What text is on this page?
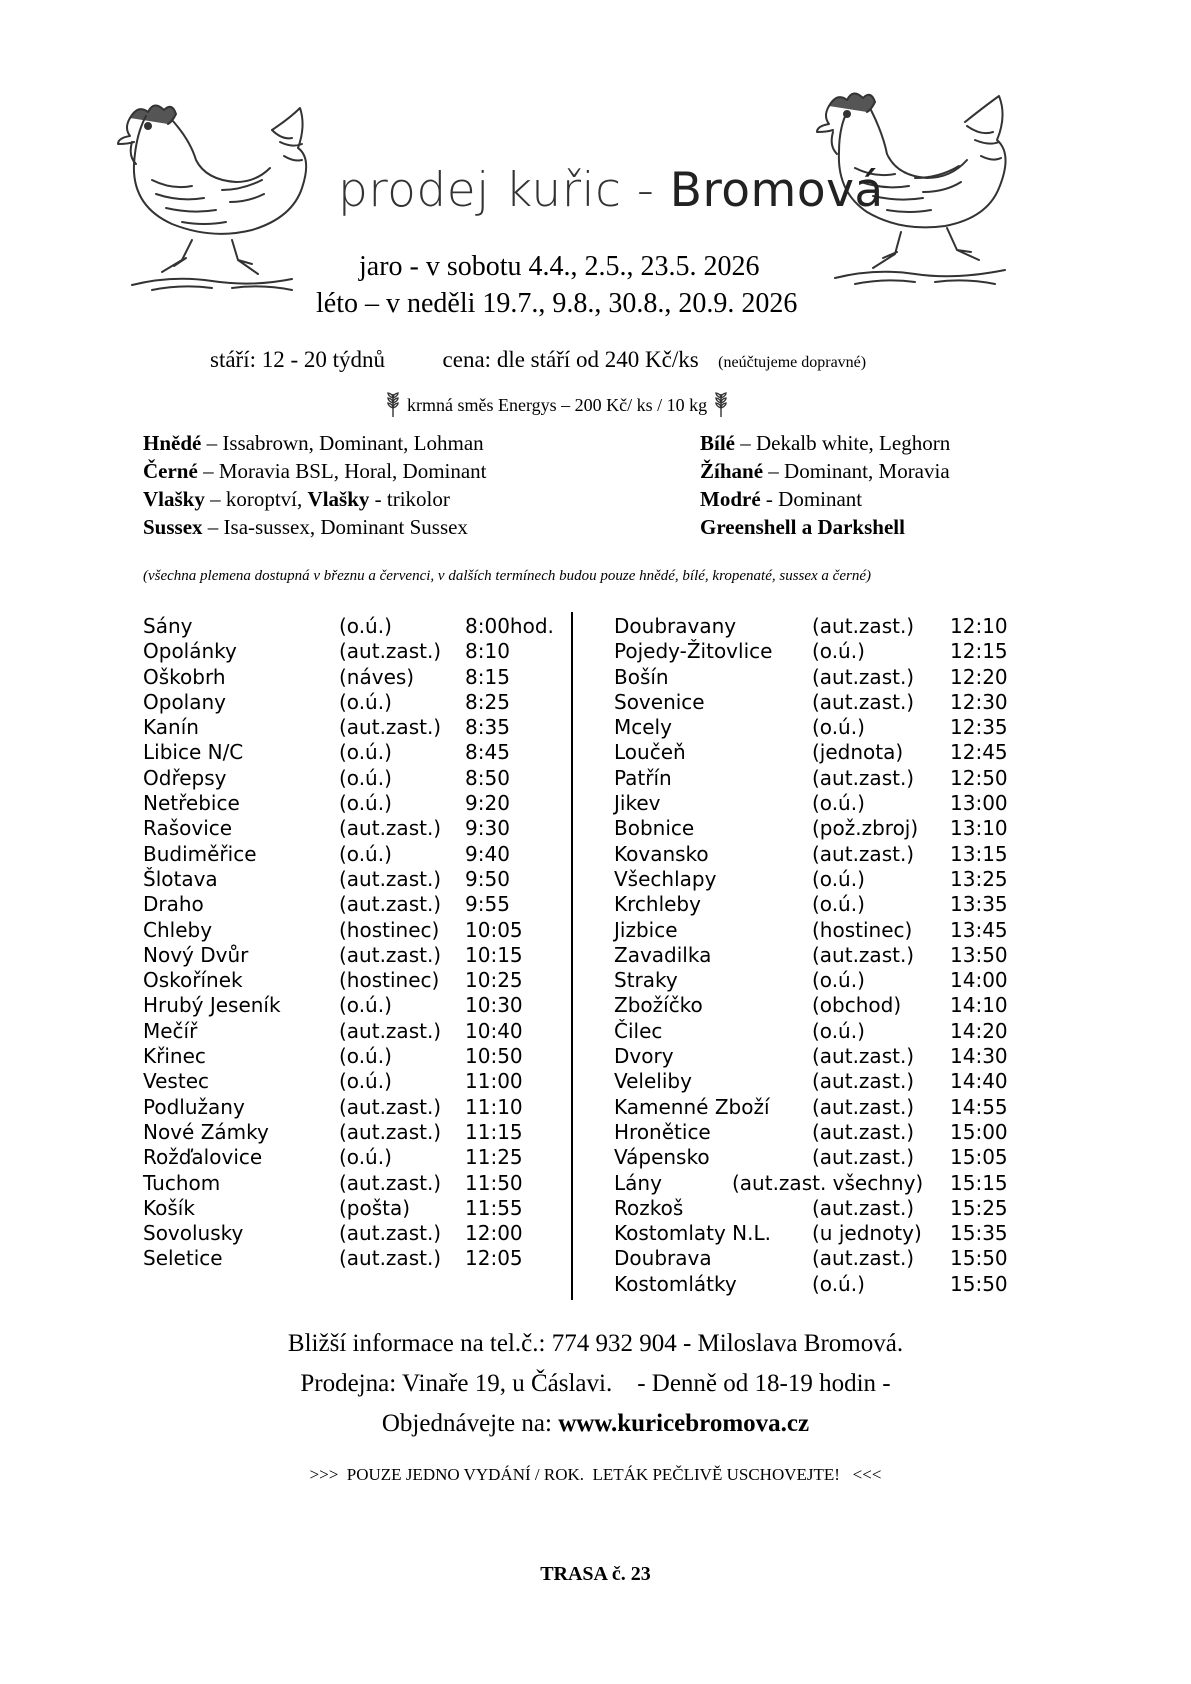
prodej kuřic - Bromová
jaro - v sobotu 4.4., 2.5., 23.5. 2026
léto – v neděli 19.7., 9.8., 30.8., 20.9. 2026
stáří: 12 - 20 týdnů	cena: dle stáří od 240 Kč/ks (neúčtujeme dopravné)
krmná směs Energys – 200 Kč/ ks / 10 kg
Hnědé – Issabrown, Dominant, Lohman
Černé – Moravia BSL, Horal, Dominant
Vlašky – koroptví, Vlašky - trikolor
Sussex – Isa-sussex, Dominant Sussex
Bílé – Dekalb white, Leghorn
Žíhané – Dominant, Moravia
Modré - Dominant
Greenshell a Darkshell
(všechna plemena dostupná v březnu a červenci, v dalších termínech budou pouze hnědé, bílé, kropenaté, sussex a černé)
Sány	(o.ú.)	8:00hod.
Opolánky	(aut.zast.) 8:10
Oškobrh	(náves)	8:15
Opolany	(o.ú.)	8:25
Kanín	(aut.zast.) 8:35
Libice N/C	(o.ú.)	8:45
Odřepsy	(o.ú.)	8:50
Netřebice	(o.ú.)	9:20
Rašovice	(aut.zast.) 9:30
Budiměřice	(o.ú.)	9:40
Šlotava	(aut.zast.) 9:50
Draho	(aut.zast.) 9:55
Chleby	(hostinec) 10:05
Nový Dvůr	(aut.zast.) 10:15
Oskořínek	(hostinec) 10:25
Hrubý Jeseník	(o.ú.)	10:30
Mečíř	(aut.zast.) 10:40
Křinec	(o.ú.)	10:50
Vestec	(o.ú.)	11:00
Podlužany	(aut.zast.) 11:10
Nové Zámky	(aut.zast.) 11:15
Rožďalovice	(o.ú.)	11:25
Tuchom	(aut.zast.) 11:50
Košík	(pošta)	11:55
Sovolusky	(aut.zast.) 12:00
Seletice	(aut.zast.) 12:05
Doubravany	(aut.zast.) 12:10
Pojedy-Žitovlice (o.ú.)	12:15
Bošín	(aut.zast.) 12:20
Sovenice	(aut.zast.) 12:30
Mcely	(o.ú.)	12:35
Loučeň	(jednota) 12:45
Patřín	(aut.zast.) 12:50
Jikev	(o.ú.)	13:00
Bobnice	(pož.zbroj) 13:10
Kovansko	(aut.zast.) 13:15
Všechlapy	(o.ú.)	13:25
Krchleby	(o.ú.)	13:35
Jizbice	(hostinec) 13:45
Zavadilka	(aut.zast.) 13:50
Straky	(o.ú.)	14:00
Zbožíčko	(obchod) 14:10
Čilec	(o.ú.)	14:20
Dvory	(aut.zast.) 14:30
Veleliby	(aut.zast.) 14:40
Kamenné Zboží (aut.zast.) 14:55
Hronětice	(aut.zast.) 15:00
Vápensko	(aut.zast.) 15:05
Lány	(aut.zast. všechny) 15:15
Rozkoš	(aut.zast.) 15:25
Kostomlaty N.L. (u jednoty) 15:35
Doubrava	(aut.zast.) 15:50
Kostomlátky	(o.ú.)	15:50
Bližší informace na tel.č.: 774 932 904 - Miloslava Bromová.
Prodejna: Vinaře 19, u Čáslavi.    - Denně od 18-19 hodin -
Objednávejte na: www.kuricebromova.cz
>>>  POUZE JEDNO VYDÁNÍ / ROK.  LETÁK PEČLIVĚ USCHOVEJTE!   <<<
TRASA č. 23
